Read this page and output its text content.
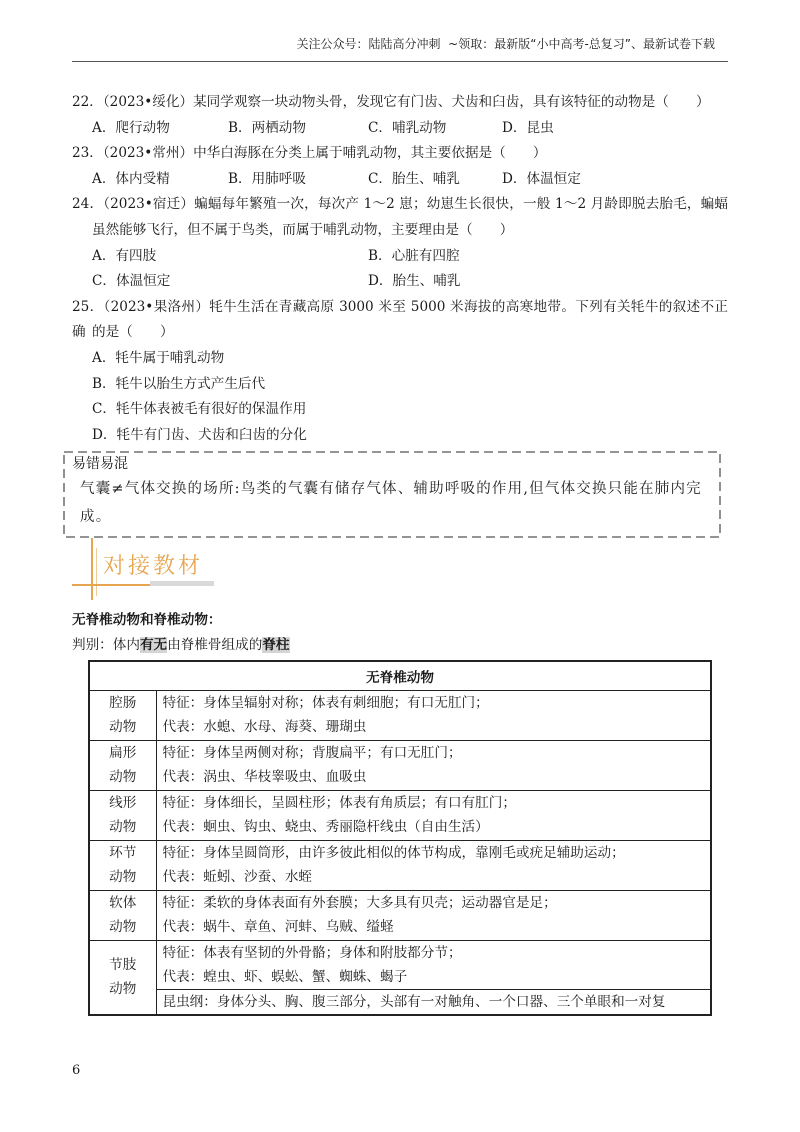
关注公众号：陆陆高分冲刺  ~领取：最新版“小中高考-总复习”、最新试卷下载
22．（2023•绥化）某同学观察一块动物头骨，发现它有门齿、犬齿和臼齿，具有该特征的动物是（　　）
A．爬行动物	B．两栖动物	C．哺乳动物	D．昆虫
23．（2023•常州）中华白海豚在分类上属于哺乳动物，其主要依据是（　　）
A．体内受精	B．用肺呼吸	C．胎生、哺乳	D．体温恒定
24．（2023•宿迁）蝙蝠每年繁殖一次，每次产 1～2 崽；幼崽生长很快，一般 1～2 月龄即脱去胎毛，蝙蝠
虽然能够飞行，但不属于鸟类，而属于哺乳动物，主要理由是（　　）
A．有四肢	B．心脏有四腔
C．体温恒定	D．胎生、哺乳
25．（2023•果洛州）牦牛生活在青藏高原 3000 米至 5000 米海拔的高寒地带。下列有关牦牛的叙述不正确 的是（　　）
A．牦牛属于哺乳动物
B．牦牛以胎生方式产生后代
C．牦牛体表被毛有很好的保温作用
D．牦牛有门齿、犬齿和臼齿的分化
易错易混
气囊≠气体交换的场所:鸟类的气囊有储存气体、辅助呼吸的作用,但气体交换只能在肺内完
成。
对接教材
无脊椎动物和脊椎动物：
判别：体内有无由脊椎骨组成的脊柱
无脊椎动物	

腔肠
动物	特征：身体呈辐射对称；体表有刺细胞；有口无肛门；
	代表：水螅、水母、海葵、珊瑚虫

扁形
动物	特征：身体呈两侧对称；背腹扁平；有口无肛门；
	代表：涡虫、华枝睾吸虫、血吸虫

线形
动物	特征：身体细长，呈圆柱形；体表有角质层；有口有肛门；
	代表：蛔虫、钩虫、蛲虫、秀丽隐杆线虫（自由生活）

环节
动物	特征：身体呈圆筒形，由许多彼此相似的体节构成，靠刚毛或疣足辅助运动；
	代表：蚯蚓、沙蚕、水蛭

软体
动物	特征：柔软的身体表面有外套膜；大多具有贝壳；运动器官是足；
	代表：蜗牛、章鱼、河蚌、乌贼、缢蛏

节肢
动物	特征：体表有坚韧的外骨骼；身体和附肢都分节；
	代表：蝗虫、虾、蜈蚣、蟹、蜘蛛、蝎子
	昆虫纲：身体分头、胸、腹三部分，头部有一对触角、一个口器、三个单眼和一对复
6
